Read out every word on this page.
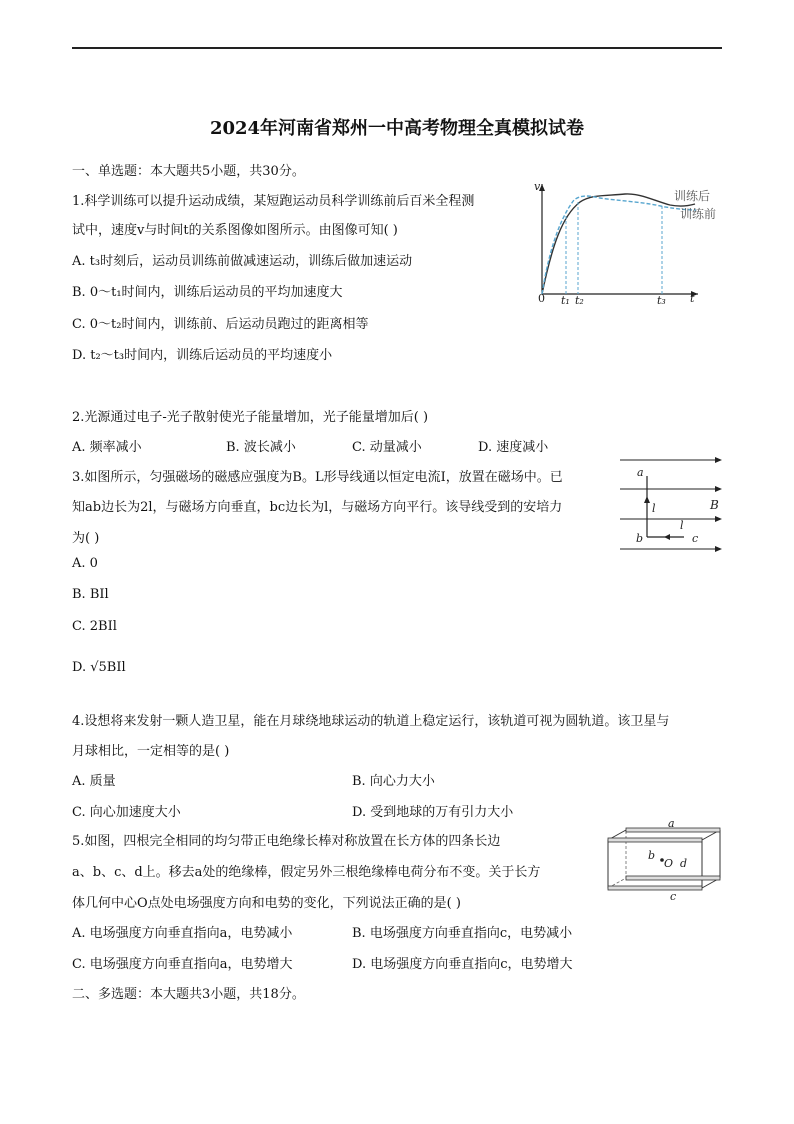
2024年河南省郑州一中高考物理全真模拟试卷
一、单选题：本大题共5小题，共30分。
1.科学训练可以提升运动成绩，某短跑运动员科学训练前后百米全程测
试中，速度v与时间t的关系图像如图所示。由图像可知( )
A. t₃时刻后，运动员训练前做减速运动，训练后做加速运动
B. 0～t₁时间内，训练后运动员的平均加速度大
C. 0～t₂时间内，训练前、后运动员跑过的距离相等
D. t₂～t₃时间内，训练后运动员的平均速度小
0
v
t
t₁ t₂	t₃
训练后
训练前
2.光源通过电子-光子散射使光子能量增加，光子能量增加后( )
A. 频率减小	B. 波长减小	C. 动量减小	D. 速度减小
3.如图所示，匀强磁场的磁感应强度为B。L形导线通以恒定电流I，放置在磁场中。已
知ab边长为2l，与磁场方向垂直，bc边长为l，与磁场方向平行。该导线受到的安培力
为( )
A. 0
B. BIl
C. 2BIl
D. √5BIl
a
b	c
B
l
l
4.设想将来发射一颗人造卫星，能在月球绕地球运动的轨道上稳定运行，该轨道可视为圆轨道。该卫星与
月球相比，一定相等的是( )
A. 质量	B. 向心力大小
C. 向心加速度大小	D. 受到地球的万有引力大小
5.如图，四根完全相同的均匀带正电绝缘长棒对称放置在长方体的四条长边
a、b、c、d上。移去a处的绝缘棒，假定另外三根绝缘棒电荷分布不变。关于长方
体几何中心O点处电场强度方向和电势的变化，下列说法正确的是( )
A. 电场强度方向垂直指向a，电势减小	B. 电场强度方向垂直指向c，电势减小
C. 电场强度方向垂直指向a，电势增大	D. 电场强度方向垂直指向c，电势增大
a
b
O d
c
二、多选题：本大题共3小题，共18分。
